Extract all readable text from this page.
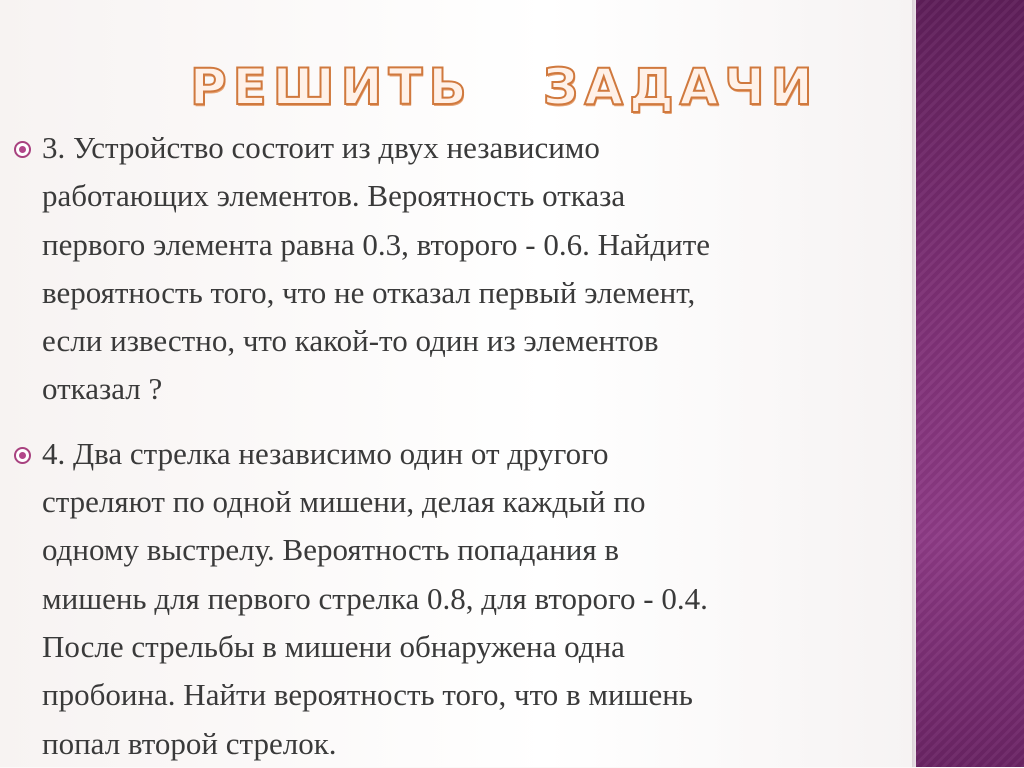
РЕШИТЬ   ЗАДАЧИ
3. Устройство состоит из двух независимо
работающих элементов. Вероятность отказа
первого элемента равна 0.3, второго - 0.6. Найдите
вероятность того, что не отказал первый элемент,
если известно, что какой-то один из элементов
отказал ?
4. Два стрелка независимо один от другого
стреляют по одной мишени, делая каждый по
одному выстрелу. Вероятность попадания в
мишень для первого стрелка 0.8, для второго - 0.4.
После стрельбы в мишени обнаружена одна
пробоина. Найти вероятность того, что в мишень
попал второй стрелок.
